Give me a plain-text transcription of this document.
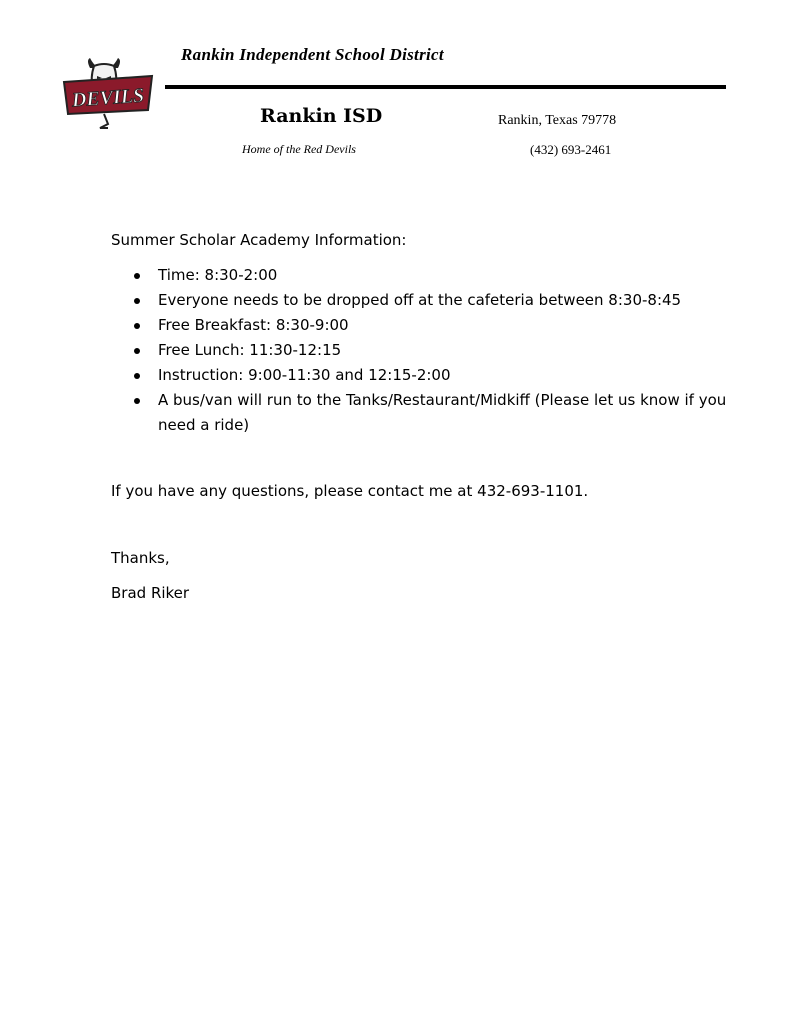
Rankin Independent School District
DEVILS
Rankin ISD	Rankin, Texas 79778
Home of the Red Devils	(432) 693-2461
Summer Scholar Academy Information:
Time: 8:30-2:00
Everyone needs to be dropped off at the cafeteria between 8:30-8:45
Free Breakfast: 8:30-9:00
Free Lunch: 11:30-12:15
Instruction: 9:00-11:30 and 12:15-2:00
A bus/van will run to the Tanks/Restaurant/Midkiff (Please let us know if you
need a ride)
If you have any questions, please contact me at 432-693-1101.
Thanks,
Brad Riker
